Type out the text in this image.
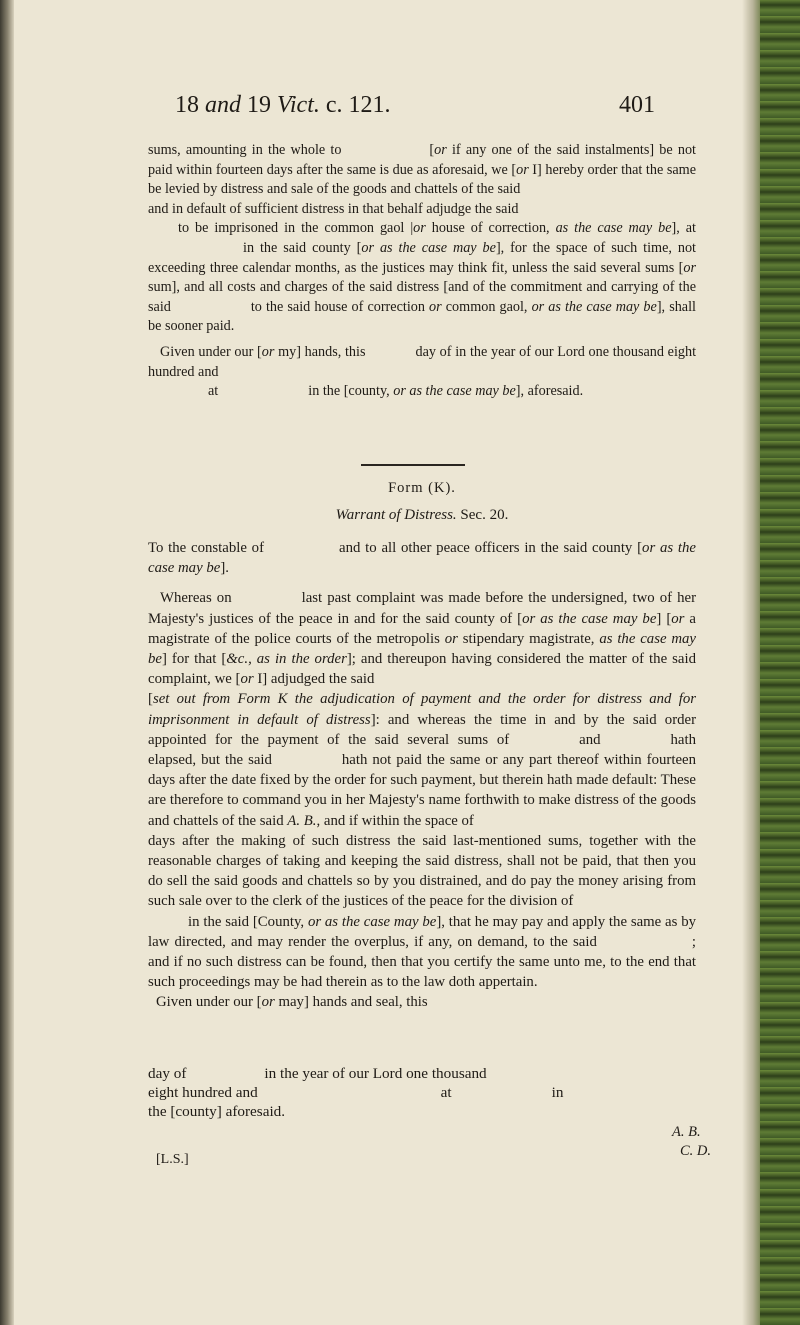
18 and 19 Vict. c. 121.	401

sums, amounting in the whole to	[or if any one of the said instalments] be not paid within fourteen days after the same is due as aforesaid, we [or I] hereby order that the same be levied by distress and sale of the goods and chattels of the said
and in default of sufficient distress in that behalf adjudge the said
to be imprisoned in the common gaol |or house of correction, as the case may be], atin the said county [or as the case may be], for the space of such time, not exceeding three calendar months, as the justices may think fit, unless the said several sums [or sum], and all costs and charges of the said distress [and of the commitment and carrying of the said	to the said house of correction or common gaol, or as the case may be], shall be sooner paid.

Given under our [or my] hands, this	day of in the year of our Lord one thousand eight hundred and
at	in the [county, or as the case may be], aforesaid.

Form (K).
Warrant of Distress. Sec. 20.

To the constable of	and to all other peace officers in the said county [or as the case may be].

Whereas on	last past complaint was made before the undersigned, two of her Majesty's justices of the peace in and for the said county of [or as the case may be] [or a magistrate of the police courts of the metropolis or stipendary magistrate, as the case may be] for that [&c., as in the order]; and thereupon having considered the matter of the said complaint, we [or I] adjudged the said
[set out from Form K the adjudication of payment and the order for distress and for imprisonment in default of distress]: and whereas the time in and by the said order appointed for the payment of the said several sums of	and	hath elapsed, but the said	hath not paid the same or any part thereof within fourteen days after the date fixed by the order for such payment, but therein hath made default: These are therefore to command you in her Majesty's name forthwith to make distress of the goods and chattels of the said A. B., and if within the space of
days after the making of such distress the said last-mentioned sums, together with the reasonable charges of taking and keeping the said distress, shall not be paid, that then you do sell the said goods and chattels so by you distrained, and do pay the money arising from such sale over to the clerk of the justices of the peace for the division of
in the said [County, or as the case may be], that he may pay and apply the same as by law directed, and may render the overplus, if any, on demand, to the said	; and if no such distress can be found, then that you certify the same unto me, to the end that such proceedings may be had therein as to the law doth appertain.
Given under our [or may] hands and seal, this

day of	in the year of our Lord one thousand
eight hundred and	at	in
the [county] aforesaid.
A. B.
C. D.
[L.S.]
